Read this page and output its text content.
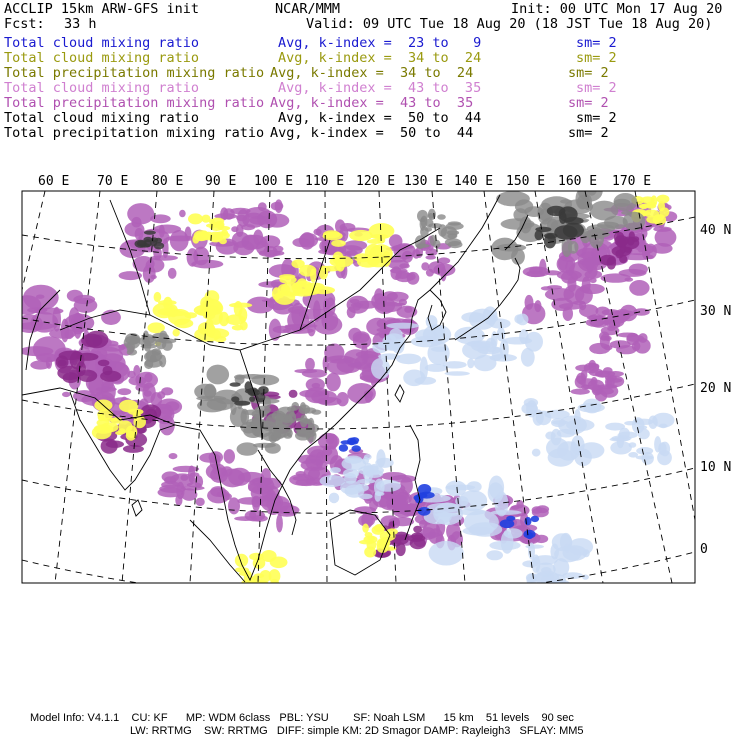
ACCLIP 15km ARW-GFS init	NCAR/MMM	Init: 00 UTC Mon 17 Aug 20
Fcst: 33 h	Valid: 09 UTC Tue 18 Aug 20 (18 JST Tue 18 Aug 20)
Total cloud mixing ratio	Avg, k-index =  23 to   9	sm= 2
Total cloud mixing ratio	Avg, k-index =  34 to  24	sm= 2
Total precipitation mixing ratio Avg, k-index =  34 to  24	sm= 2
Total cloud mixing ratio	Avg, k-index =  43 to  35	sm= 2
Total precipitation mixing ratio Avg, k-index =  43 to  35	sm= 2
Total cloud mixing ratio	Avg, k-index =  50 to  44	sm= 2
Total precipitation mixing ratio Avg, k-index =  50 to  44	sm= 2
60 E 70 E 80 E 90 E 100 E 110 E 120 E 130 E 140 E 150 E 160 E 170 E
40 N
30 N
20 N
10 N
0
Model Info: V4.1.1    CU: KF      MP: WDM 6class   PBL: YSU        SF: Noah LSM      15 km    51 levels    90 sec
LW: RRTMG    SW: RRTMG   DIFF: simple KM: 2D Smagor DAMP: Rayleigh3   SFLAY: MM5
